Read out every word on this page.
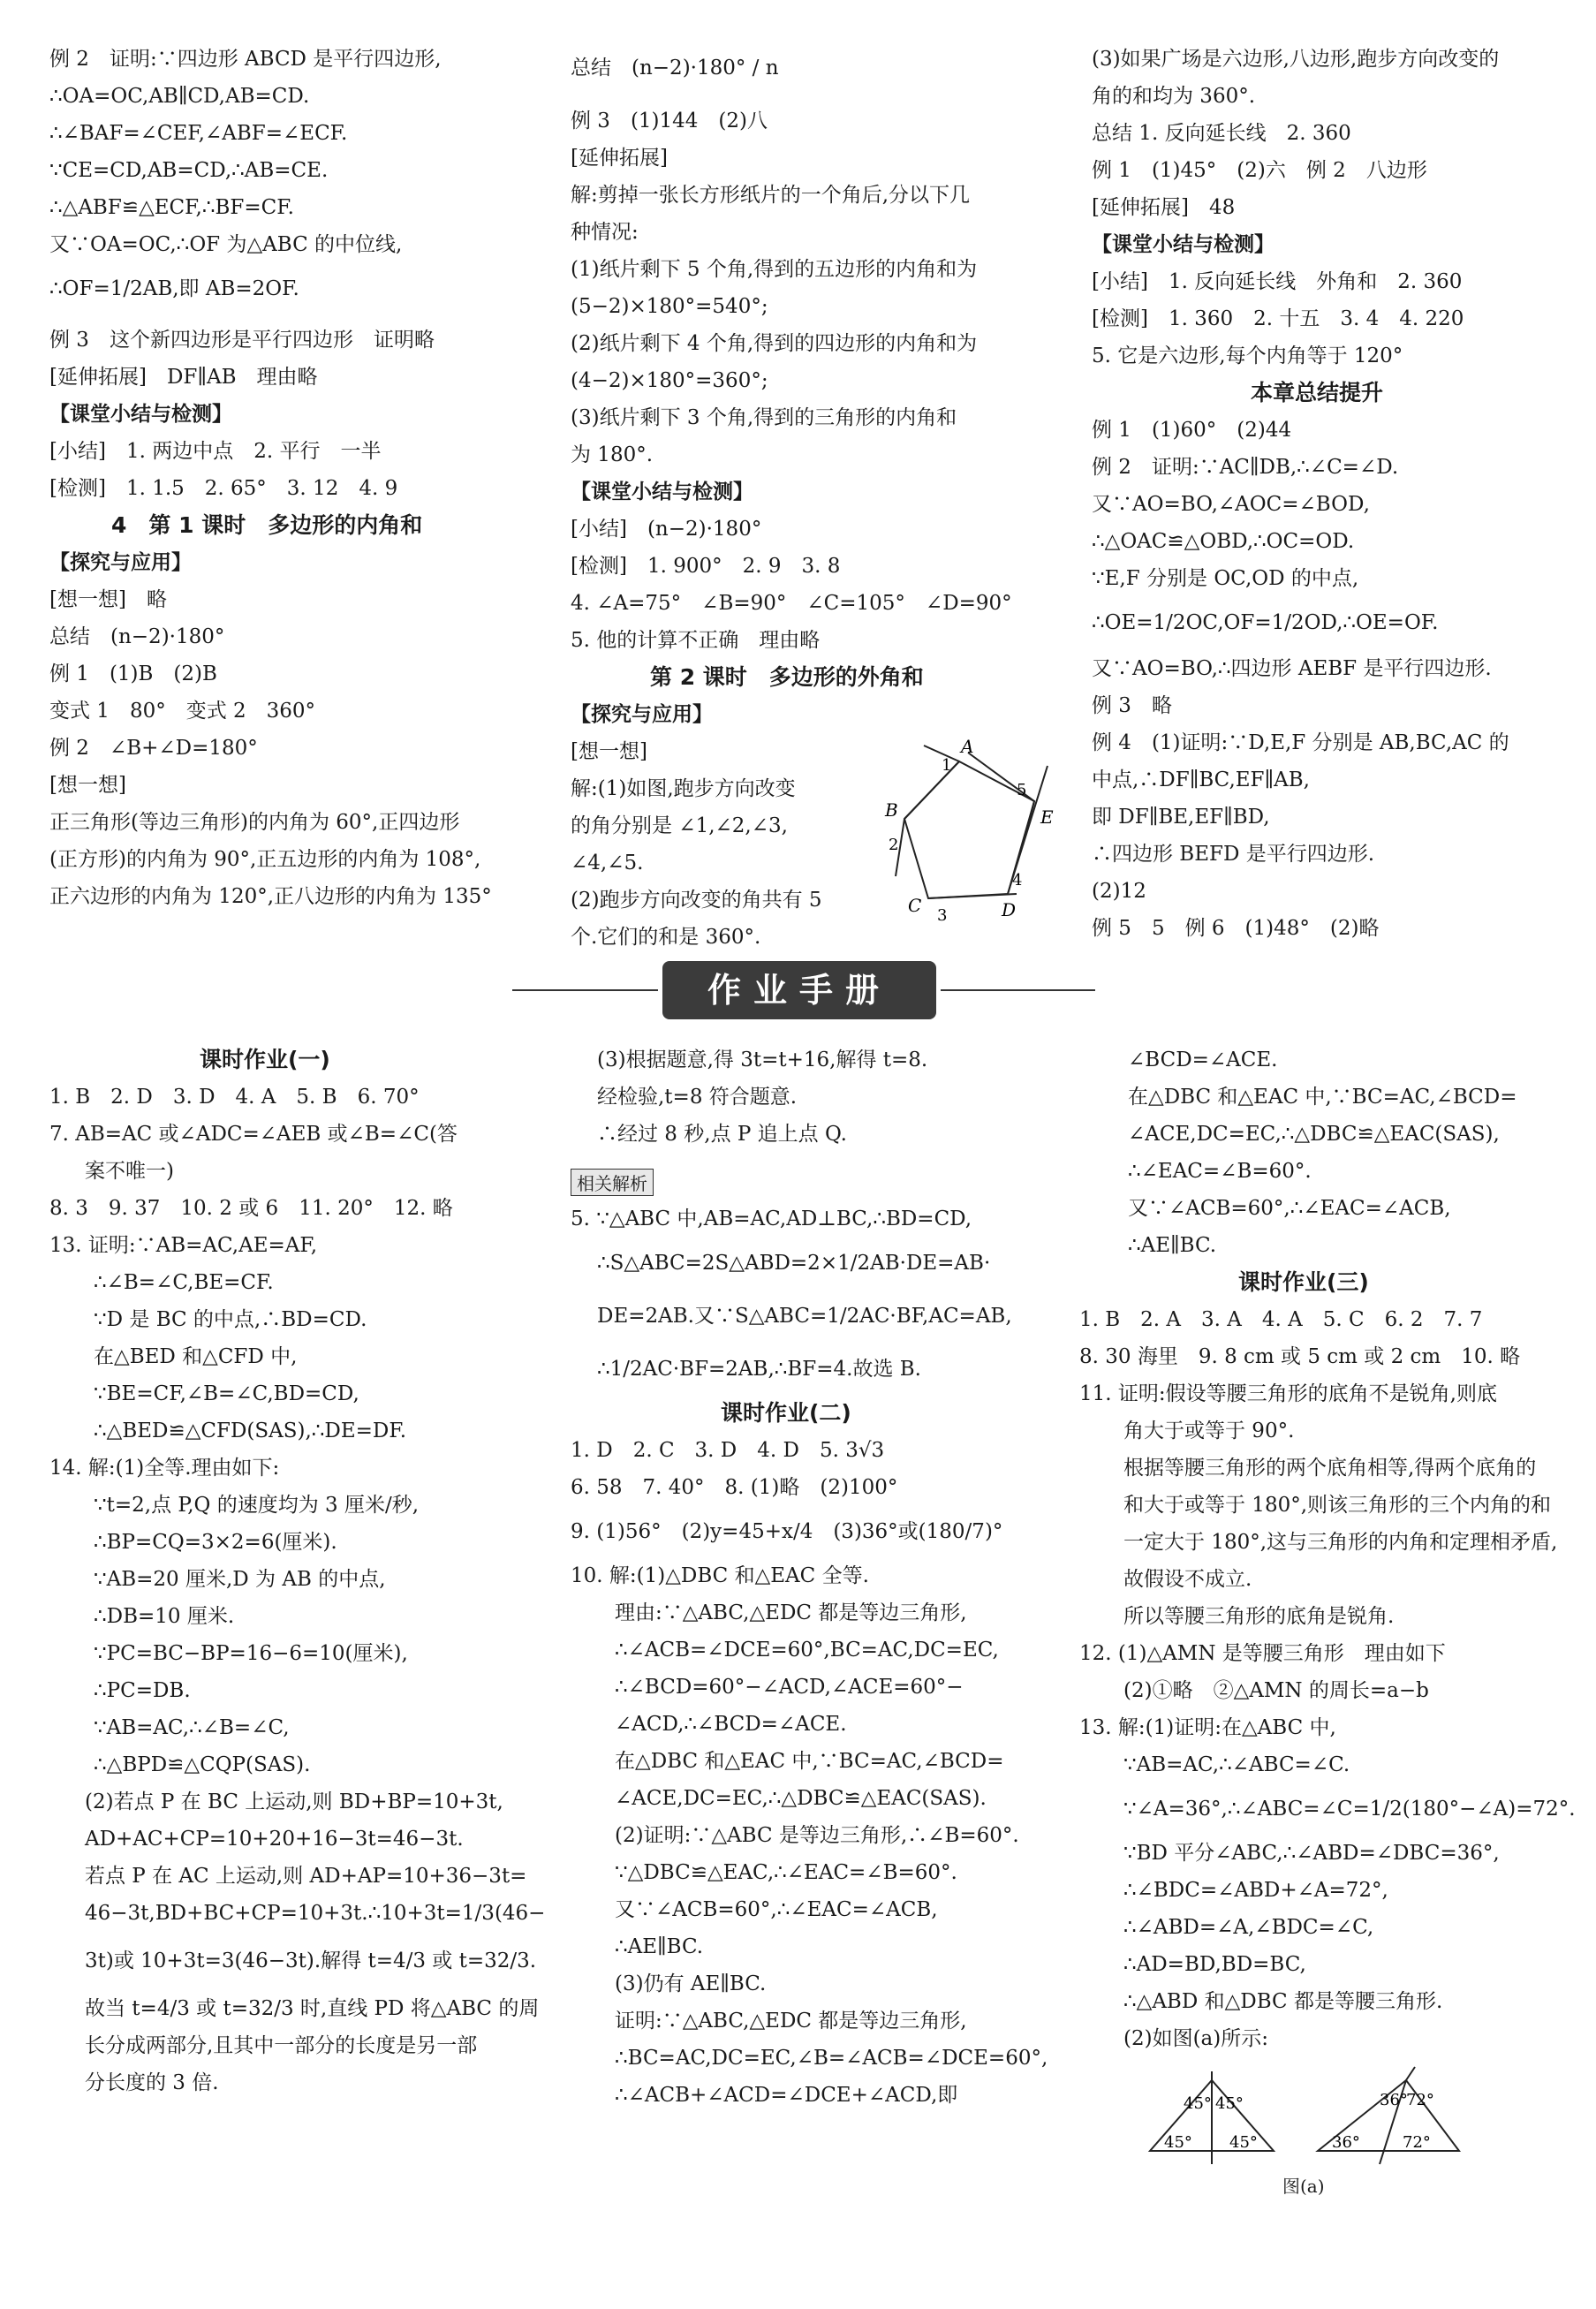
例 2　证明:∵四边形 ABCD 是平行四边形,
∴OA=OC,AB∥CD,AB=CD.
∴∠BAF=∠CEF,∠ABF=∠ECF.
∵CE=CD,AB=CD,∴AB=CE.
∴△ABF≌△ECF,∴BF=CF.
又∵OA=OC,∴OF 为△ABC 的中位线,
∴OF=1/2AB,即 AB=2OF.
例 3　这个新四边形是平行四边形　证明略
[延伸拓展]　DF∥AB　理由略
【课堂小结与检测】
[小结]　1. 两边中点　2. 平行　一半
[检测]　1. 1.5　2. 65°　3. 12　4. 9
4　第 1 课时　多边形的内角和
【探究与应用】
[想一想]　略
总结　(n−2)·180°
例 1　(1)B　(2)B
变式 1　80°　变式 2　360°
例 2　∠B+∠D=180°
[想一想]
正三角形(等边三角形)的内角为 60°,正四边形
(正方形)的内角为 90°,正五边形的内角为 108°,
正六边形的内角为 120°,正八边形的内角为 135°
总结　(n−2)·180° / n
例 3　(1)144　(2)八
[延伸拓展]
解:剪掉一张长方形纸片的一个角后,分以下几
种情况:
(1)纸片剩下 5 个角,得到的五边形的内角和为
(5−2)×180°=540°;
(2)纸片剩下 4 个角,得到的四边形的内角和为
(4−2)×180°=360°;
(3)纸片剩下 3 个角,得到的三角形的内角和
为 180°.
【课堂小结与检测】
[小结]　(n−2)·180°
[检测]　1. 900°　2. 9　3. 8
4. ∠A=75°　∠B=90°　∠C=105°　∠D=90°
5. 他的计算不正确　理由略
第 2 课时　多边形的外角和
【探究与应用】
[想一想]
解:(1)如图,跑步方向改变
的角分别是 ∠1,∠2,∠3,
∠4,∠5.
(2)跑步方向改变的角共有 5
个.它们的和是 360°.
A
B
C	D
E
1
2
3
4
5
(3)如果广场是六边形,八边形,跑步方向改变的
角的和均为 360°.
总结 1. 反向延长线　2. 360
例 1　(1)45°　(2)六　例 2　八边形
[延伸拓展]　48
【课堂小结与检测】
[小结]　1. 反向延长线　外角和　2. 360
[检测]　1. 360　2. 十五　3. 4　4. 220
5. 它是六边形,每个内角等于 120°
本章总结提升
例 1　(1)60°　(2)44
例 2　证明:∵AC∥DB,∴∠C=∠D.
又∵AO=BO,∠AOC=∠BOD,
∴△OAC≌△OBD,∴OC=OD.
∵E,F 分别是 OC,OD 的中点,
∴OE=1/2OC,OF=1/2OD,∴OE=OF.
又∵AO=BO,∴四边形 AEBF 是平行四边形.
例 3　略
例 4　(1)证明:∵D,E,F 分别是 AB,BC,AC 的
中点,∴DF∥BC,EF∥AB,
即 DF∥BE,EF∥BD,
∴四边形 BEFD 是平行四边形.
(2)12
例 5　5　例 6　(1)48°　(2)略
作业手册
课时作业(一)
1. B　2. D　3. D　4. A　5. B　6. 70°
7. AB=AC 或∠ADC=∠AEB 或∠B=∠C(答
案不唯一)
8. 3　9. 37　10. 2 或 6　11. 20°　12. 略
13. 证明:∵AB=AC,AE=AF,
∴∠B=∠C,BE=CF.
∵D 是 BC 的中点,∴BD=CD.
在△BED 和△CFD 中,
∵BE=CF,∠B=∠C,BD=CD,
∴△BED≌△CFD(SAS),∴DE=DF.
14. 解:(1)全等.理由如下:
∵t=2,点 P,Q 的速度均为 3 厘米/秒,
∴BP=CQ=3×2=6(厘米).
∵AB=20 厘米,D 为 AB 的中点,
∴DB=10 厘米.
∵PC=BC−BP=16−6=10(厘米),
∴PC=DB.
∵AB=AC,∴∠B=∠C,
∴△BPD≌△CQP(SAS).
(2)若点 P 在 BC 上运动,则 BD+BP=10+3t,
AD+AC+CP=10+20+16−3t=46−3t.
若点 P 在 AC 上运动,则 AD+AP=10+36−3t=
46−3t,BD+BC+CP=10+3t.∴10+3t=1/3(46−
3t)或 10+3t=3(46−3t).解得 t=4/3 或 t=32/3.
故当 t=4/3 或 t=32/3 时,直线 PD 将△ABC 的周
长分成两部分,且其中一部分的长度是另一部
分长度的 3 倍.
(3)根据题意,得 3t=t+16,解得 t=8.
经检验,t=8 符合题意.
∴经过 8 秒,点 P 追上点 Q.
相关解析
5. ∵△ABC 中,AB=AC,AD⊥BC,∴BD=CD,
∴S△ABC=2S△ABD=2×1/2AB·DE=AB·
DE=2AB.又∵S△ABC=1/2AC·BF,AC=AB,
∴1/2AC·BF=2AB,∴BF=4.故选 B.
课时作业(二)
1. D　2. C　3. D　4. D　5. 3√3
6. 58　7. 40°　8. (1)略　(2)100°
9. (1)56°　(2)y=45+x/4　(3)36°或(180/7)°
10. 解:(1)△DBC 和△EAC 全等.
理由:∵△ABC,△EDC 都是等边三角形,
∴∠ACB=∠DCE=60°,BC=AC,DC=EC,
∴∠BCD=60°−∠ACD,∠ACE=60°−
∠ACD,∴∠BCD=∠ACE.
在△DBC 和△EAC 中,∵BC=AC,∠BCD=
∠ACE,DC=EC,∴△DBC≌△EAC(SAS).
(2)证明:∵△ABC 是等边三角形,∴∠B=60°.
∵△DBC≌△EAC,∴∠EAC=∠B=60°.
又∵∠ACB=60°,∴∠EAC=∠ACB,
∴AE∥BC.
(3)仍有 AE∥BC.
证明:∵△ABC,△EDC 都是等边三角形,
∴BC=AC,DC=EC,∠B=∠ACB=∠DCE=60°,
∴∠ACB+∠ACD=∠DCE+∠ACD,即
∠BCD=∠ACE.
在△DBC 和△EAC 中,∵BC=AC,∠BCD=
∠ACE,DC=EC,∴△DBC≌△EAC(SAS),
∴∠EAC=∠B=60°.
又∵∠ACB=60°,∴∠EAC=∠ACB,
∴AE∥BC.
课时作业(三)
1. B　2. A　3. A　4. A　5. C　6. 2　7. 7
8. 30 海里　9. 8 cm 或 5 cm 或 2 cm　10. 略
11. 证明:假设等腰三角形的底角不是锐角,则底
角大于或等于 90°.
根据等腰三角形的两个底角相等,得两个底角的
和大于或等于 180°,则该三角形的三个内角的和
一定大于 180°,这与三角形的内角和定理相矛盾,
故假设不成立.
所以等腰三角形的底角是锐角.
12. (1)△AMN 是等腰三角形　理由如下
(2)①略　②△AMN 的周长=a−b
13. 解:(1)证明:在△ABC 中,
∵AB=AC,∴∠ABC=∠C.
∵∠A=36°,∴∠ABC=∠C=1/2(180°−∠A)=72°.
∵BD 平分∠ABC,∴∠ABD=∠DBC=36°,
∴∠BDC=∠ABD+∠A=72°,
∴∠ABD=∠A,∠BDC=∠C,
∴AD=BD,BD=BC,
∴△ABD 和△DBC 都是等腰三角形.
(2)如图(a)所示:
45° 45°
45° 45°
36°
72°
36°	72°
图(a)
